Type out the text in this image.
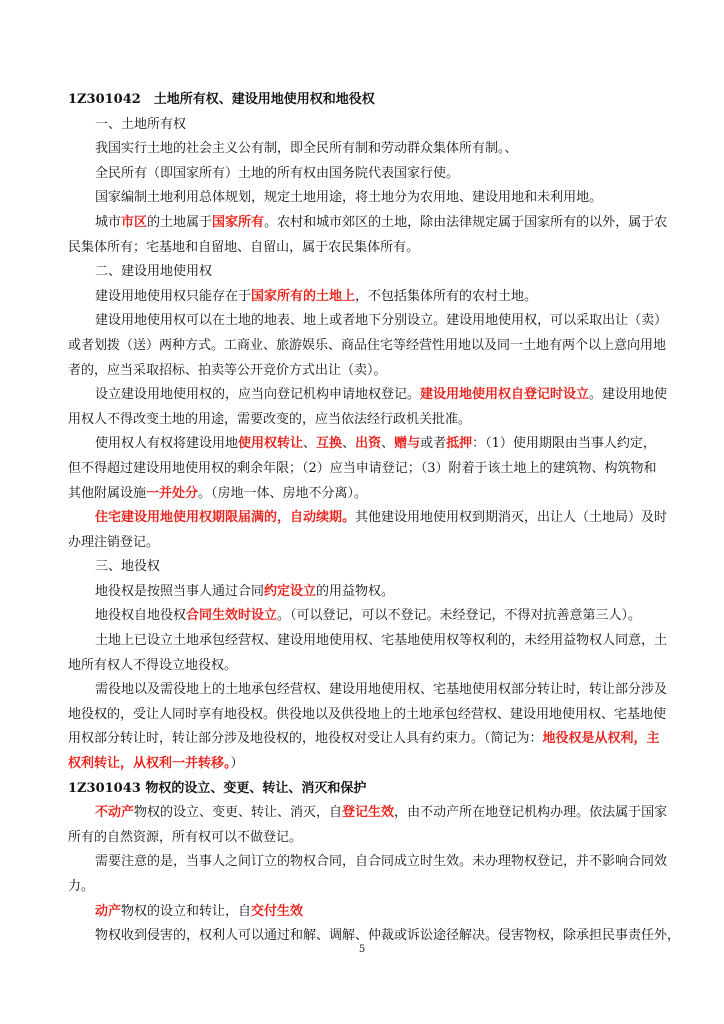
1Z301042　土地所有权、建设用地使用权和地役权
一、土地所有权
我国实行土地的社会主义公有制，即全民所有制和劳动群众集体所有制。、
全民所有（即国家所有）土地的所有权由国务院代表国家行使。
国家编制土地利用总体规划，规定土地用途，将土地分为农用地、建设用地和未利用地。
城市市区的土地属于国家所有。农村和城市郊区的土地，除由法律规定属于国家所有的以外，属于农
民集体所有；宅基地和自留地、自留山，属于农民集体所有。
二、建设用地使用权
建设用地使用权只能存在于国家所有的土地上，不包括集体所有的农村土地。
建设用地使用权可以在土地的地表、地上或者地下分别设立。建设用地使用权，可以采取出让（卖）
或者划拨（送）两种方式。工商业、旅游娱乐、商品住宅等经营性用地以及同一土地有两个以上意向用地
者的，应当采取招标、拍卖等公开竞价方式出让（卖）。
设立建设用地使用权的，应当向登记机构申请地权登记。建设用地使用权自登记时设立。建设用地使
用权人不得改变土地的用途，需要改变的，应当依法经行政机关批准。
使用权人有权将建设用地使用权转让、互换、出资、赠与或者抵押：（1）使用期限由当事人约定，
但不得超过建设用地使用权的剩余年限；（2）应当申请登记；（3）附着于该土地上的建筑物、构筑物和
其他附属设施一并处分。（房地一体、房地不分离）。
住宅建设用地使用权期限届满的，自动续期。其他建设用地使用权到期消灭，出让人（土地局）及时
办理注销登记。
三、地役权
地役权是按照当事人通过合同约定设立的用益物权。
地役权自地役权合同生效时设立。（可以登记，可以不登记。未经登记，不得对抗善意第三人）。
土地上已设立土地承包经营权、建设用地使用权、宅基地使用权等权利的，未经用益物权人同意，土
地所有权人不得设立地役权。
需役地以及需役地上的土地承包经营权、建设用地使用权、宅基地使用权部分转让时，转让部分涉及
地役权的，受让人同时享有地役权。供役地以及供役地上的土地承包经营权、建设用地使用权、宅基地使
用权部分转让时，转让部分涉及地役权的，地役权对受让人具有约束力。（简记为：地役权是从权利，主
权利转让，从权利一并转移。）
1Z301043 物权的设立、变更、转让、消灭和保护
不动产物权的设立、变更、转让、消灭，自登记生效，由不动产所在地登记机构办理。依法属于国家
所有的自然资源，所有权可以不做登记。
需要注意的是，当事人之间订立的物权合同，自合同成立时生效。未办理物权登记，并不影响合同效
力。
动产物权的设立和转让，自交付生效
物权收到侵害的，权利人可以通过和解、调解、仲裁或诉讼途径解决。侵害物权，除承担民事责任外，
5
